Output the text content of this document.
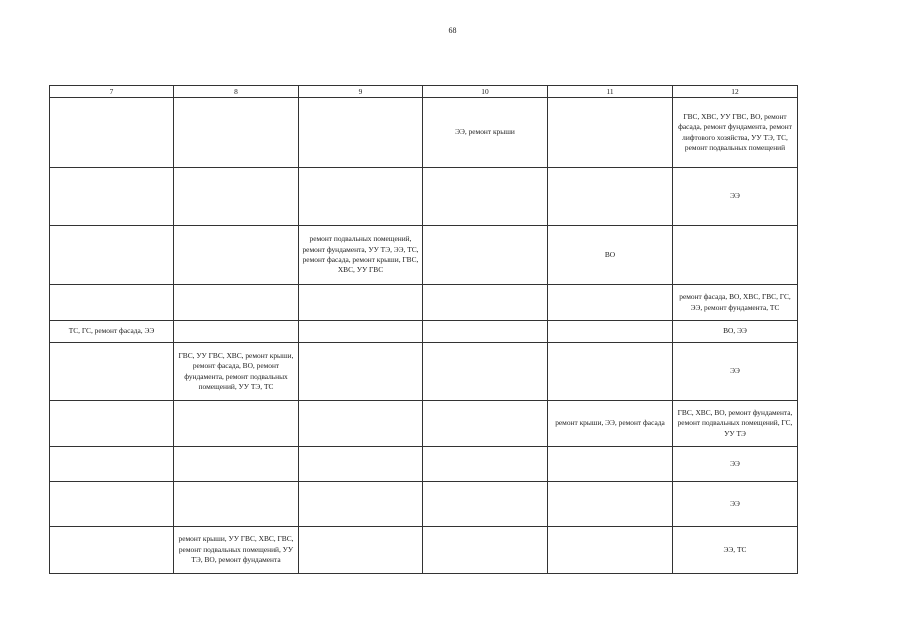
68
7	8	9	10	11	12
			ЭЭ, ремонт крыши		ГВС, ХВС, УУ ГВС, ВО, ремонт фасада, ремонт фундамента, ремонт лифтового хозяйства, УУ ТЭ, ТС, ремонт подвальных помещений
					ЭЭ
		ремонт подвальных помещений, ремонт фундамента, УУ ТЭ, ЭЭ, ТС, ремонт фасада, ремонт крыши, ГВС, ХВС, УУ ГВС		ВО	
					ремонт фасада, ВО, ХВС, ГВС, ГС, ЭЭ, ремонт фундамента, ТС
ТС, ГС, ремонт фасада, ЭЭ					ВО, ЭЭ
	ГВС, УУ ГВС, ХВС, ремонт крыши, ремонт фасада, ВО, ремонт фундамента, ремонт подвальных помещений, УУ ТЭ, ТС				ЭЭ
				ремонт крыши, ЭЭ, ремонт фасада	ГВС, ХВС, ВО, ремонт фундамента, ремонт подвальных помещений, ГС, УУ ТЭ
					ЭЭ
					ЭЭ
	ремонт крыши, УУ ГВС, ХВС, ГВС, ремонт подвальных помещений, УУ ТЭ, ВО, ремонт фундамента				ЭЭ, ТС
